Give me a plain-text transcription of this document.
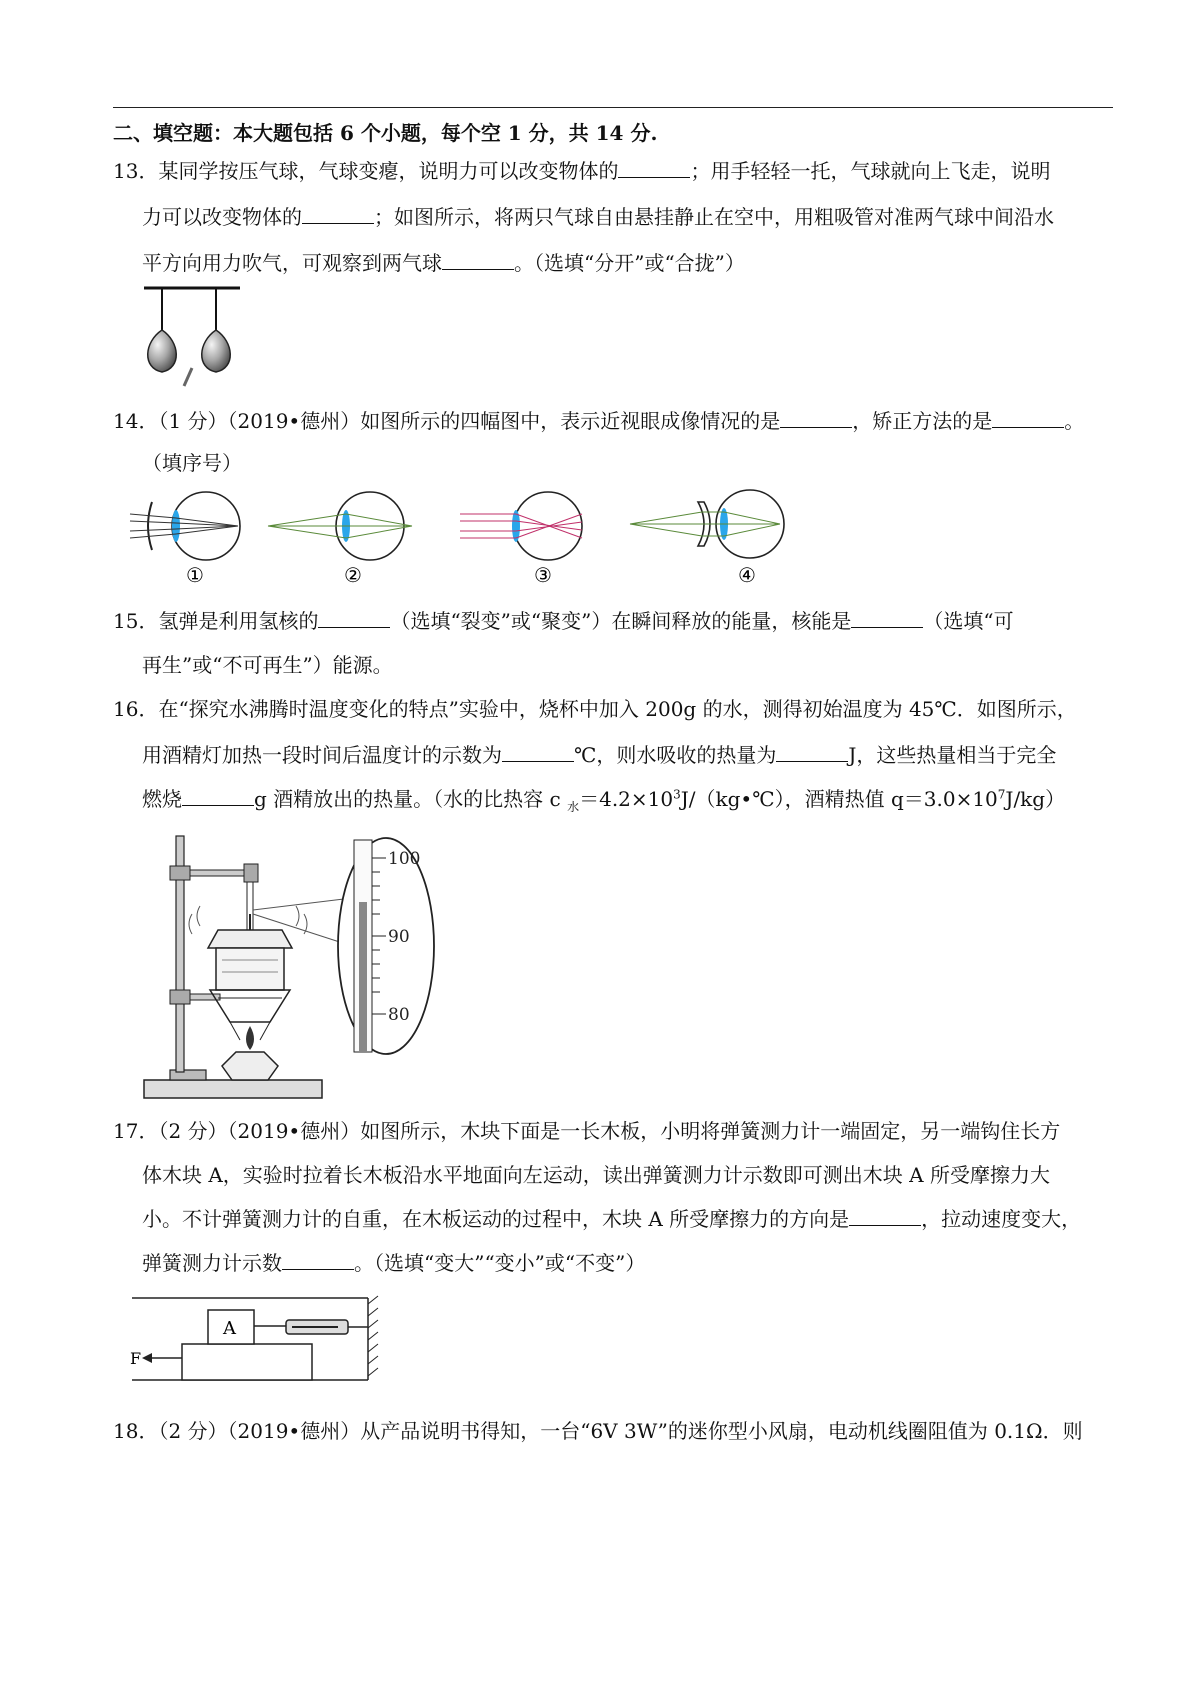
二、填空题：本大题包括 6 个小题，每个空 1 分，共 14 分.
13．某同学按压气球，气球变瘪，说明力可以改变物体的	；用手轻轻一托，气球就向上飞走，说明
力可以改变物体的	；如图所示，将两只气球自由悬挂静止在空中，用粗吸管对准两气球中间沿水
平方向用力吹气，可观察到两气球	。（选填“分开”或“合拢”）
14．（1 分）（2019•德州）如图所示的四幅图中，表示近视眼成像情况的是	，矫正方法的是	。
（填序号）
①	②	③	④
15．氢弹是利用氢核的	（选填“裂变”或“聚变”）在瞬间释放的能量，核能是	（选填“可
再生”或“不可再生”）能源。
16．在“探究水沸腾时温度变化的特点”实验中，烧杯中加入 200g 的水，测得初始温度为 45℃．如图所示，
用酒精灯加热一段时间后温度计的示数为	℃，则水吸收的热量为	J，这些热量相当于完全
燃烧	g 酒精放出的热量。（水的比热容 c $_水=4.2\times 10^3J/(kg•℃)$，酒精热值 $q=3.0\times 10^7J/kg$）
100
90
80
17．（2 分）（2019•德州）如图所示，木块下面是一长木板，小明将弹簧测力计一端固定，另一端钩住长方
体木块 A，实验时拉着长木板沿水平地面向左运动，读出弹簧测力计示数即可测出木块 A 所受摩擦力大
小。不计弹簧测力计的自重，在木板运动的过程中，木块 A 所受摩擦力的方向是	，拉动速度变大，
弹簧测力计示数	。（选填“变大”“变小”或“不变”）
A
F
18．（2 分）（2019•德州）从产品说明书得知，一台“6V 3W”的迷你型小风扇，电动机线圈阻值为 0.1Ω．则
